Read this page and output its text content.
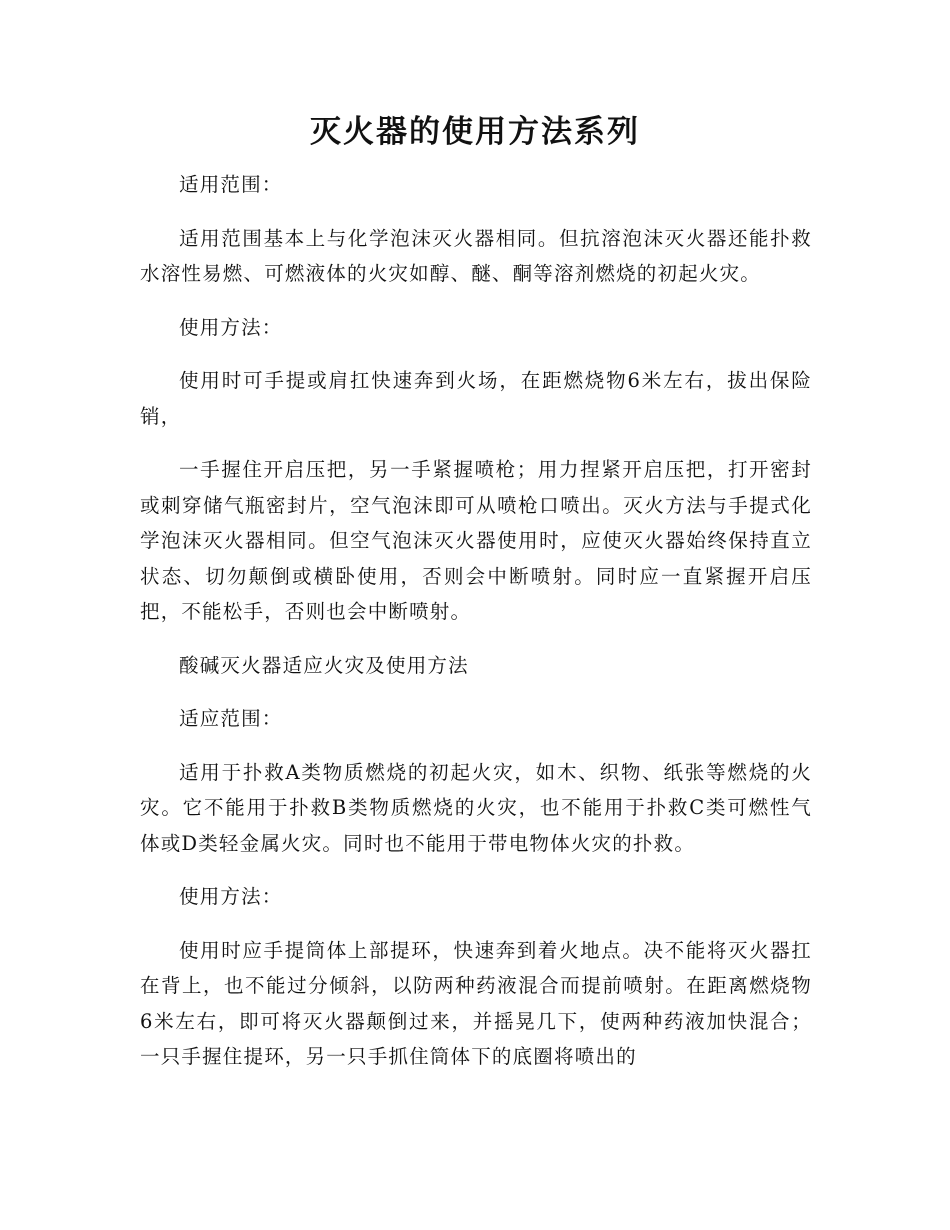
灭火器的使用方法系列

适用范围：

适用范围基本上与化学泡沫灭火器相同。但抗溶泡沫灭火器还能扑救水溶性易燃、可燃液体的火灾如醇、醚、酮等溶剂燃烧的初起火灾。

使用方法：

使用时可手提或肩扛快速奔到火场，在距燃烧物6米左右，拔出保险销，

一手握住开启压把，另一手紧握喷枪；用力捏紧开启压把，打开密封或刺穿储气瓶密封片，空气泡沫即可从喷枪口喷出。灭火方法与手提式化学泡沫灭火器相同。但空气泡沫灭火器使用时，应使灭火器始终保持直立状态、切勿颠倒或横卧使用，否则会中断喷射。同时应一直紧握开启压把，不能松手，否则也会中断喷射。

酸碱灭火器适应火灾及使用方法

适应范围：

适用于扑救A类物质燃烧的初起火灾，如木、织物、纸张等燃烧的火灾。它不能用于扑救B类物质燃烧的火灾，也不能用于扑救C类可燃性气体或D类轻金属火灾。同时也不能用于带电物体火灾的扑救。

使用方法：

使用时应手提筒体上部提环，快速奔到着火地点。决不能将灭火器扛在背上，也不能过分倾斜，以防两种药液混合而提前喷射。在距离燃烧物6米左右，即可将灭火器颠倒过来，并摇晃几下，使两种药液加快混合；一只手握住提环，另一只手抓住筒体下的底圈将喷出的
